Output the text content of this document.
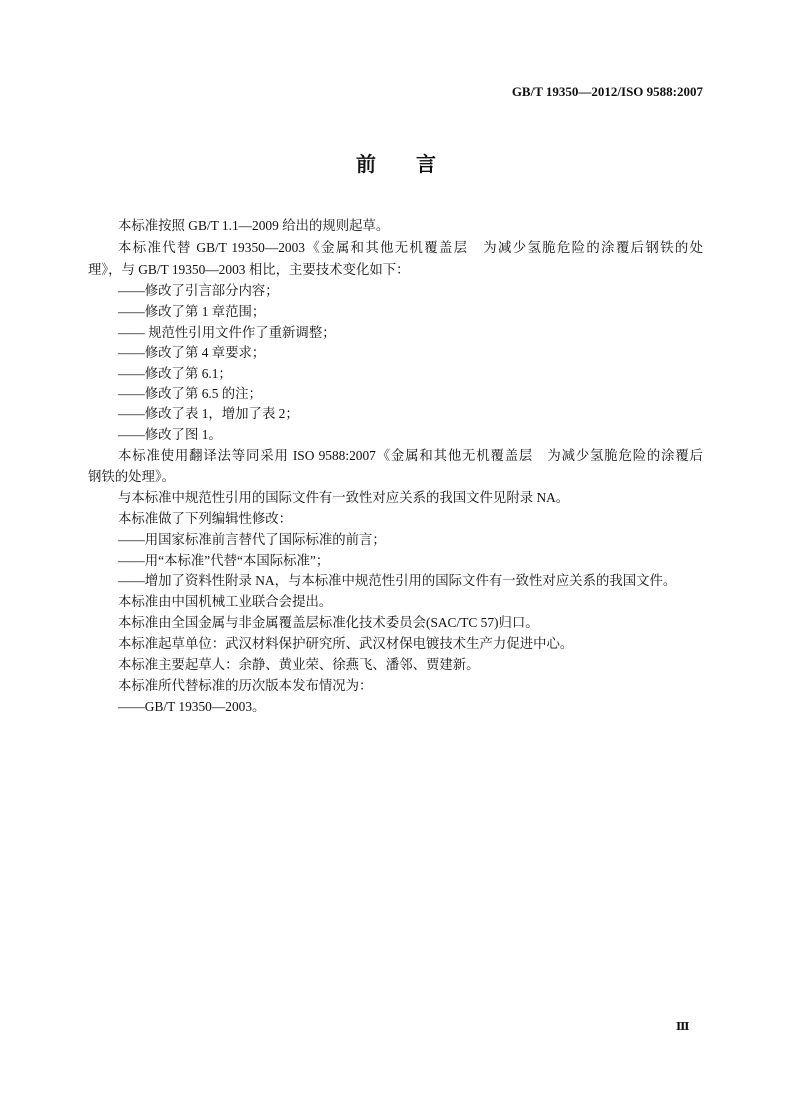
GB/T 19350—2012/ISO 9588:2007
前　　言
本标准按照 GB/T 1.1—2009 给出的规则起草。
本标准代替 GB/T 19350—2003《金属和其他无机覆盖层　为减少氢脆危险的涂覆后钢铁的处
理》，与 GB/T 19350—2003 相比，主要技术变化如下：
——修改了引言部分内容；
——修改了第 1 章范围；
—— 规范性引用文件作了重新调整；
——修改了第 4 章要求；
——修改了第 6.1；
——修改了第 6.5 的注；
——修改了表 1，增加了表 2；
——修改了图 1。
本标准使用翻译法等同采用 ISO 9588:2007《金属和其他无机覆盖层　为减少氢脆危险的涂覆后
钢铁的处理》。
与本标准中规范性引用的国际文件有一致性对应关系的我国文件见附录 NA。
本标准做了下列编辑性修改：
——用国家标准前言替代了国际标准的前言；
——用“本标准”代替“本国际标准”；
——增加了资料性附录 NA，与本标准中规范性引用的国际文件有一致性对应关系的我国文件。
本标准由中国机械工业联合会提出。
本标准由全国金属与非金属覆盖层标准化技术委员会(SAC/TC 57)归口。
本标准起草单位：武汉材料保护研究所、武汉材保电镀技术生产力促进中心。
本标准主要起草人：余静、黄业荣、徐燕飞、潘邻、贾建新。
本标准所代替标准的历次版本发布情况为：
——GB/T 19350—2003。
Ⅲ
